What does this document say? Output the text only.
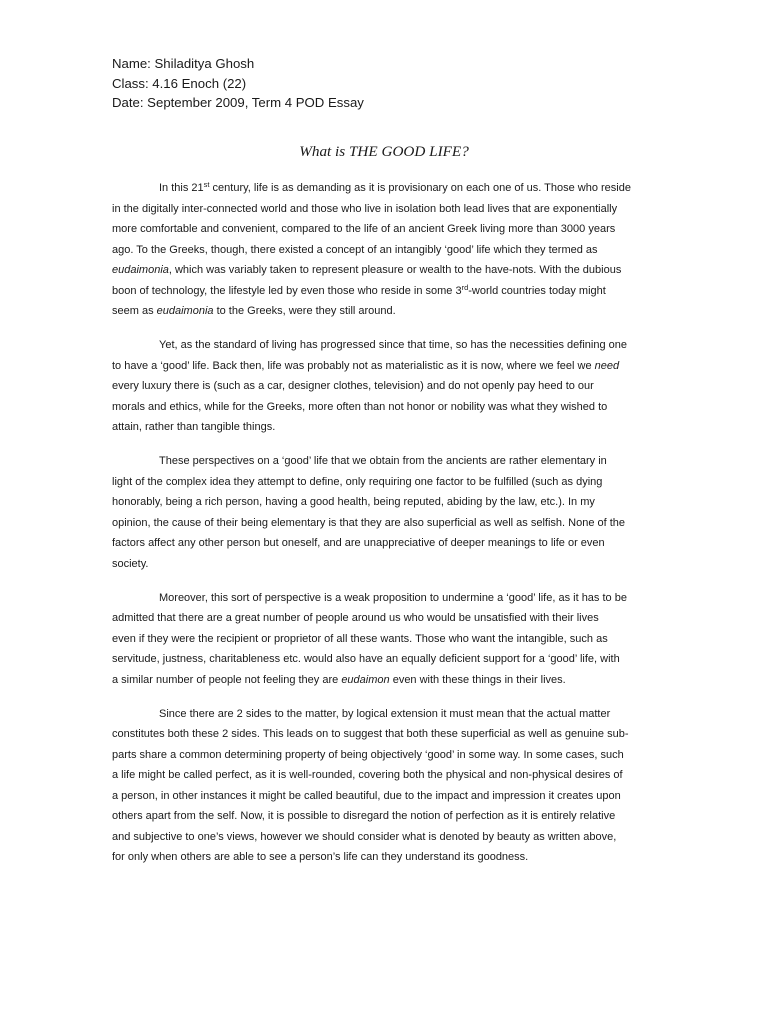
Name: Shiladitya Ghosh
Class: 4.16 Enoch (22)
Date: September 2009, Term 4 POD Essay
What is THE GOOD LIFE?
In this 21st century, life is as demanding as it is provisionary on each one of us. Those who reside
in the digitally inter-connected world and those who live in isolation both lead lives that are exponentially
more comfortable and convenient, compared to the life of an ancient Greek living more than 3000 years
ago. To the Greeks, though, there existed a concept of an intangibly ‘good’ life which they termed as
eudaimonia, which was variably taken to represent pleasure or wealth to the have-nots. With the dubious
boon of technology, the lifestyle led by even those who reside in some 3rd-world countries today might
seem as eudaimonia to the Greeks, were they still around.
Yet, as the standard of living has progressed since that time, so has the necessities defining one
to have a ‘good’ life. Back then, life was probably not as materialistic as it is now, where we feel we need
every luxury there is (such as a car, designer clothes, television) and do not openly pay heed to our
morals and ethics, while for the Greeks, more often than not honor or nobility was what they wished to
attain, rather than tangible things.
These perspectives on a ‘good’ life that we obtain from the ancients are rather elementary in
light of the complex idea they attempt to define, only requiring one factor to be fulfilled (such as dying
honorably, being a rich person, having a good health, being reputed, abiding by the law, etc.). In my
opinion, the cause of their being elementary is that they are also superficial as well as selfish. None of the
factors affect any other person but oneself, and are unappreciative of deeper meanings to life or even
society.
Moreover, this sort of perspective is a weak proposition to undermine a ‘good’ life, as it has to be
admitted that there are a great number of people around us who would be unsatisfied with their lives
even if they were the recipient or proprietor of all these wants. Those who want the intangible, such as
servitude, justness, charitableness etc. would also have an equally deficient support for a ‘good’ life, with
a similar number of people not feeling they are eudaimon even with these things in their lives.
Since there are 2 sides to the matter, by logical extension it must mean that the actual matter
constitutes both these 2 sides. This leads on to suggest that both these superficial as well as genuine sub-
parts share a common determining property of being objectively ‘good’ in some way. In some cases, such
a life might be called perfect, as it is well-rounded, covering both the physical and non-physical desires of
a person, in other instances it might be called beautiful, due to the impact and impression it creates upon
others apart from the self. Now, it is possible to disregard the notion of perfection as it is entirely relative
and subjective to one’s views, however we should consider what is denoted by beauty as written above,
for only when others are able to see a person’s life can they understand its goodness.
